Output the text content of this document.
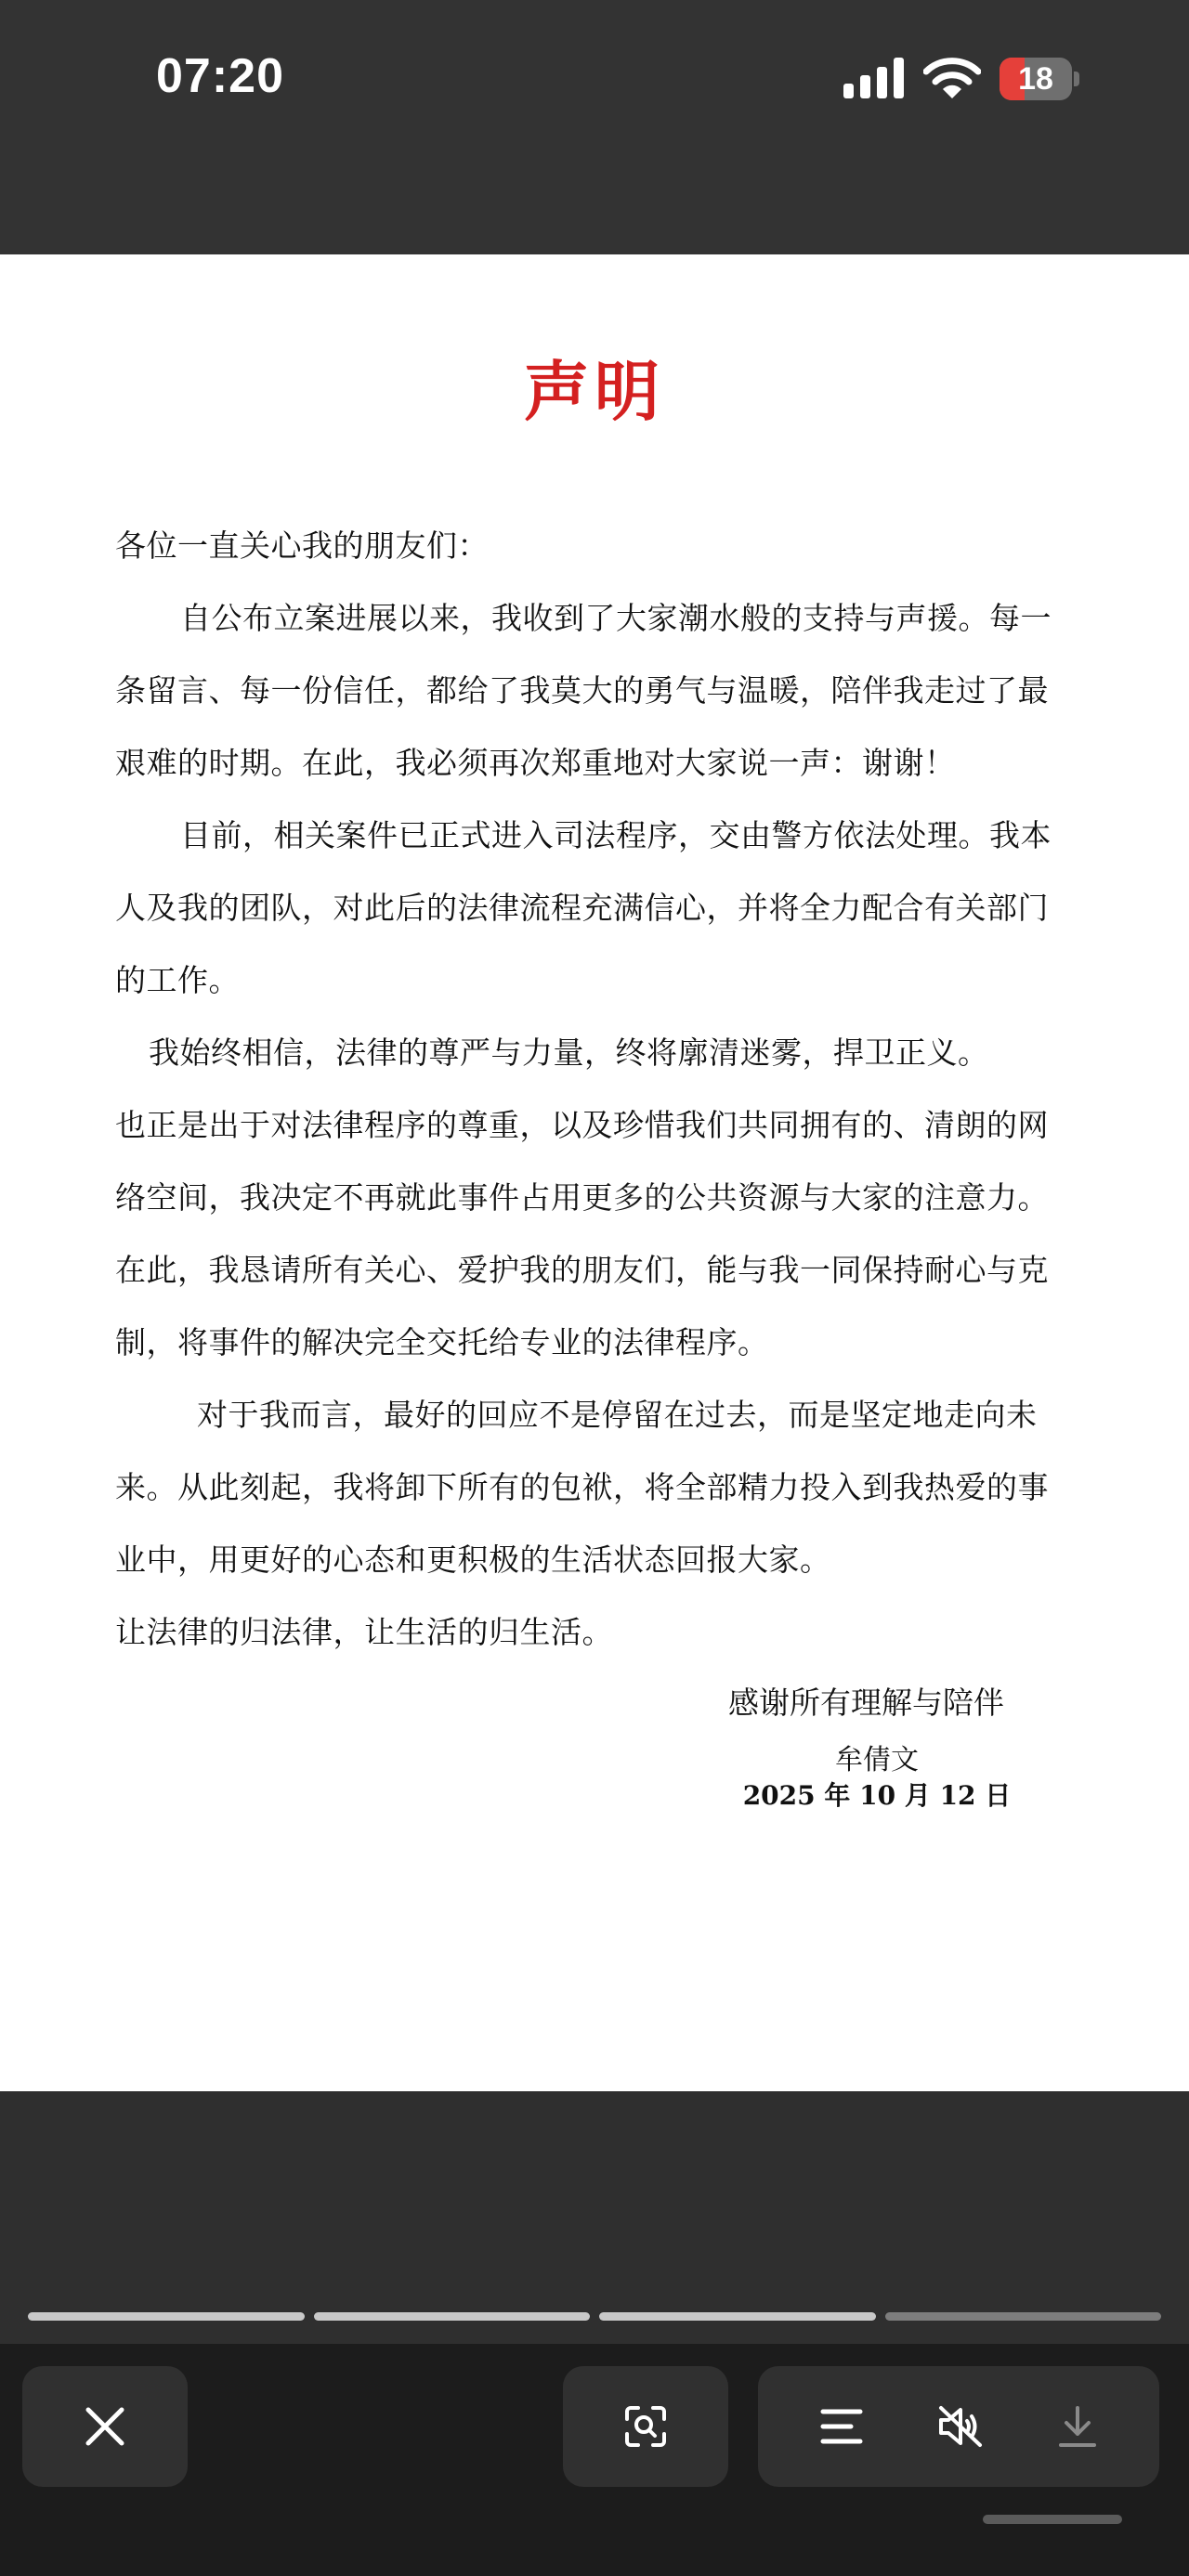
07:20	18
声明
各位一直关心我的朋友们：
自公布立案进展以来，我收到了大家潮水般的支持与声援。每一
条留言、每一份信任，都给了我莫大的勇气与温暖，陪伴我走过了最
艰难的时期。在此，我必须再次郑重地对大家说一声：谢谢！
目前，相关案件已正式进入司法程序，交由警方依法处理。我本
人及我的团队，对此后的法律流程充满信心，并将全力配合有关部门
的工作。
我始终相信，法律的尊严与力量，终将廓清迷雾，捍卫正义。
也正是出于对法律程序的尊重，以及珍惜我们共同拥有的、清朗的网
络空间，我决定不再就此事件占用更多的公共资源与大家的注意力。
在此，我恳请所有关心、爱护我的朋友们，能与我一同保持耐心与克
制，将事件的解决完全交托给专业的法律程序。
对于我而言，最好的回应不是停留在过去，而是坚定地走向未
来。从此刻起，我将卸下所有的包袱，将全部精力投入到我热爱的事
业中，用更好的心态和更积极的生活状态回报大家。
让法律的归法律，让生活的归生活。
感谢所有理解与陪伴
牟倩文
2025 年 10 月 12 日
